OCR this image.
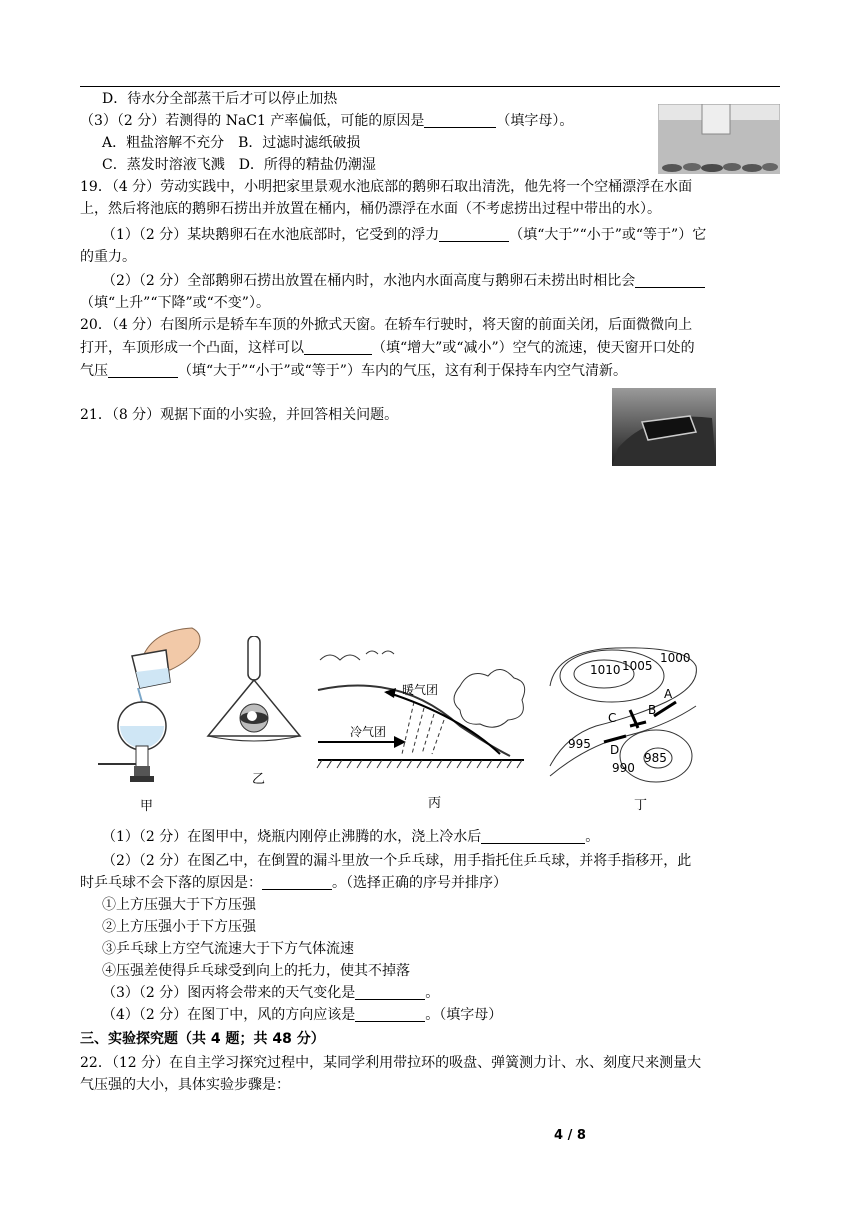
D．待水分全部蒸干后才可以停止加热
（3）（2 分）若测得的 NaC1 产率偏低，可能的原因是	（填字母）。
A．粗盐溶解不充分　B．过滤时滤纸破损
C．蒸发时溶液飞溅　D．所得的精盐仍潮湿
19．（4 分）劳动实践中，小明把家里景观水池底部的鹅卵石取出清洗，他先将一个空桶漂浮在水面
上，然后将池底的鹅卵石捞出并放置在桶内，桶仍漂浮在水面（不考虑捞出过程中带出的水）。
（1）（2 分）某块鹅卵石在水池底部时，它受到的浮力	（填“大于”“小于”或“等于”）它
的重力。
（2）（2 分）全部鹅卵石捞出放置在桶内时，水池内水面高度与鹅卵石未捞出时相比会
（填“上升”“下降”或“不变”）。
20．（4 分）右图所示是轿车车顶的外掀式天窗。在轿车行驶时，将天窗的前面关闭，后面微微向上
打开，车顶形成一个凸面，这样可以	（填“增大”或“减小”）空气的流速，使天窗开口处的
气压	（填“大于”“小于”或“等于”）车内的气压，这有利于保持车内空气清新。
21．（8 分）观据下面的小实验，并回答相关问题。
甲
乙
暖气团
冷气团
丙
1010 1005
1000
995
990
985
A
B
C
D
丁
（1）（2 分）在图甲中，烧瓶内刚停止沸腾的水，浇上冷水后	。
（2）（2 分）在图乙中，在倒置的漏斗里放一个乒乓球，用手指托住乒乓球，并将手指移开，此
时乒乓球不会下落的原因是：	。（选择正确的序号并排序）
①上方压强大于下方压强
②上方压强小于下方压强
③乒乓球上方空气流速大于下方气体流速
④压强差使得乒乓球受到向上的托力，使其不掉落
（3）（2 分）图丙将会带来的天气变化是	。
（4）（2 分）在图丁中，风的方向应该是	。（填字母）
三、实验探究题（共 4 题；共 48 分）
22．（12 分）在自主学习探究过程中，某同学利用带拉环的吸盘、弹簧测力计、水、刻度尺来测量大
气压强的大小，具体实验步骤是：
4 / 8
